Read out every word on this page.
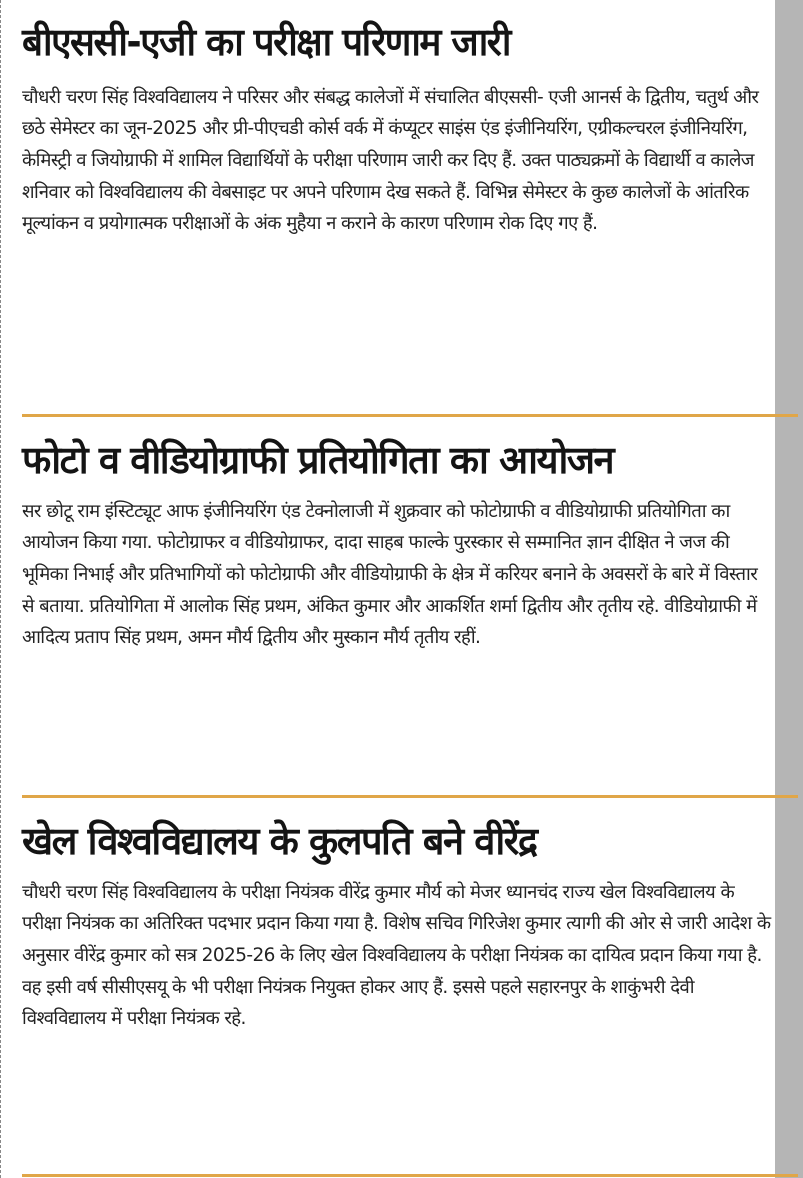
बीएससी-एजी का परीक्षा परिणाम जारी

चौधरी चरण सिंह विश्वविद्यालय ने परिसर और संबद्ध कालेजों में संचालित बीएससी- एजी आनर्स के द्वितीय, चतुर्थ और छठे सेमेस्टर का जून-2025 और प्री-पीएचडी कोर्स वर्क में कंप्यूटर साइंस एंड इंजीनियरिंग, एग्रीकल्चरल इंजीनियरिंग, केमिस्ट्री व जियोग्राफी में शामिल विद्यार्थियों के परीक्षा परिणाम जारी कर दिए हैं. उक्त पाठ्यक्रमों के विद्यार्थी व कालेज शनिवार को विश्वविद्यालय की वेबसाइट पर अपने परिणाम देख सकते हैं. विभिन्न सेमेस्टर के कुछ कालेजों के आंतरिक मूल्यांकन व प्रयोगात्मक परीक्षाओं के अंक मुहैया न कराने के कारण परिणाम रोक दिए गए हैं.

फोटो व वीडियोग्राफी प्रतियोगिता का आयोजन

सर छोटू राम इंस्टिट्यूट आफ इंजीनियरिंग एंड टेक्नोलाजी में शुक्रवार को फोटोग्राफी व वीडियोग्राफी प्रतियोगिता का आयोजन किया गया. फोटोग्राफर व वीडियोग्राफर, दादा साहब फाल्के पुरस्कार से सम्मानित ज्ञान दीक्षित ने जज की भूमिका निभाई और प्रतिभागियों को फोटोग्राफी और वीडियोग्राफी के क्षेत्र में करियर बनाने के अवसरों के बारे में विस्तार से बताया. प्रतियोगिता में आलोक सिंह प्रथम, अंकित कुमार और आकर्शित शर्मा द्वितीय और तृतीय रहे. वीडियोग्राफी में आदित्य प्रताप सिंह प्रथम, अमन मौर्य द्वितीय और मुस्कान मौर्य तृतीय रहीं.

खेल विश्वविद्यालय के कुलपति बने वीरेंद्र

चौधरी चरण सिंह विश्वविद्यालय के परीक्षा नियंत्रक वीरेंद्र कुमार मौर्य को मेजर ध्यानचंद राज्य खेल विश्वविद्यालय के परीक्षा नियंत्रक का अतिरिक्त पदभार प्रदान किया गया है. विशेष सचिव गिरिजेश कुमार त्यागी की ओर से जारी आदेश के अनुसार वीरेंद्र कुमार को सत्र 2025-26 के लिए खेल विश्वविद्यालय के परीक्षा नियंत्रक का दायित्व प्रदान किया गया है. वह इसी वर्ष सीसीएसयू के भी परीक्षा नियंत्रक नियुक्त होकर आए हैं. इससे पहले सहारनपुर के शाकुंभरी देवी विश्वविद्यालय में परीक्षा नियंत्रक रहे.
